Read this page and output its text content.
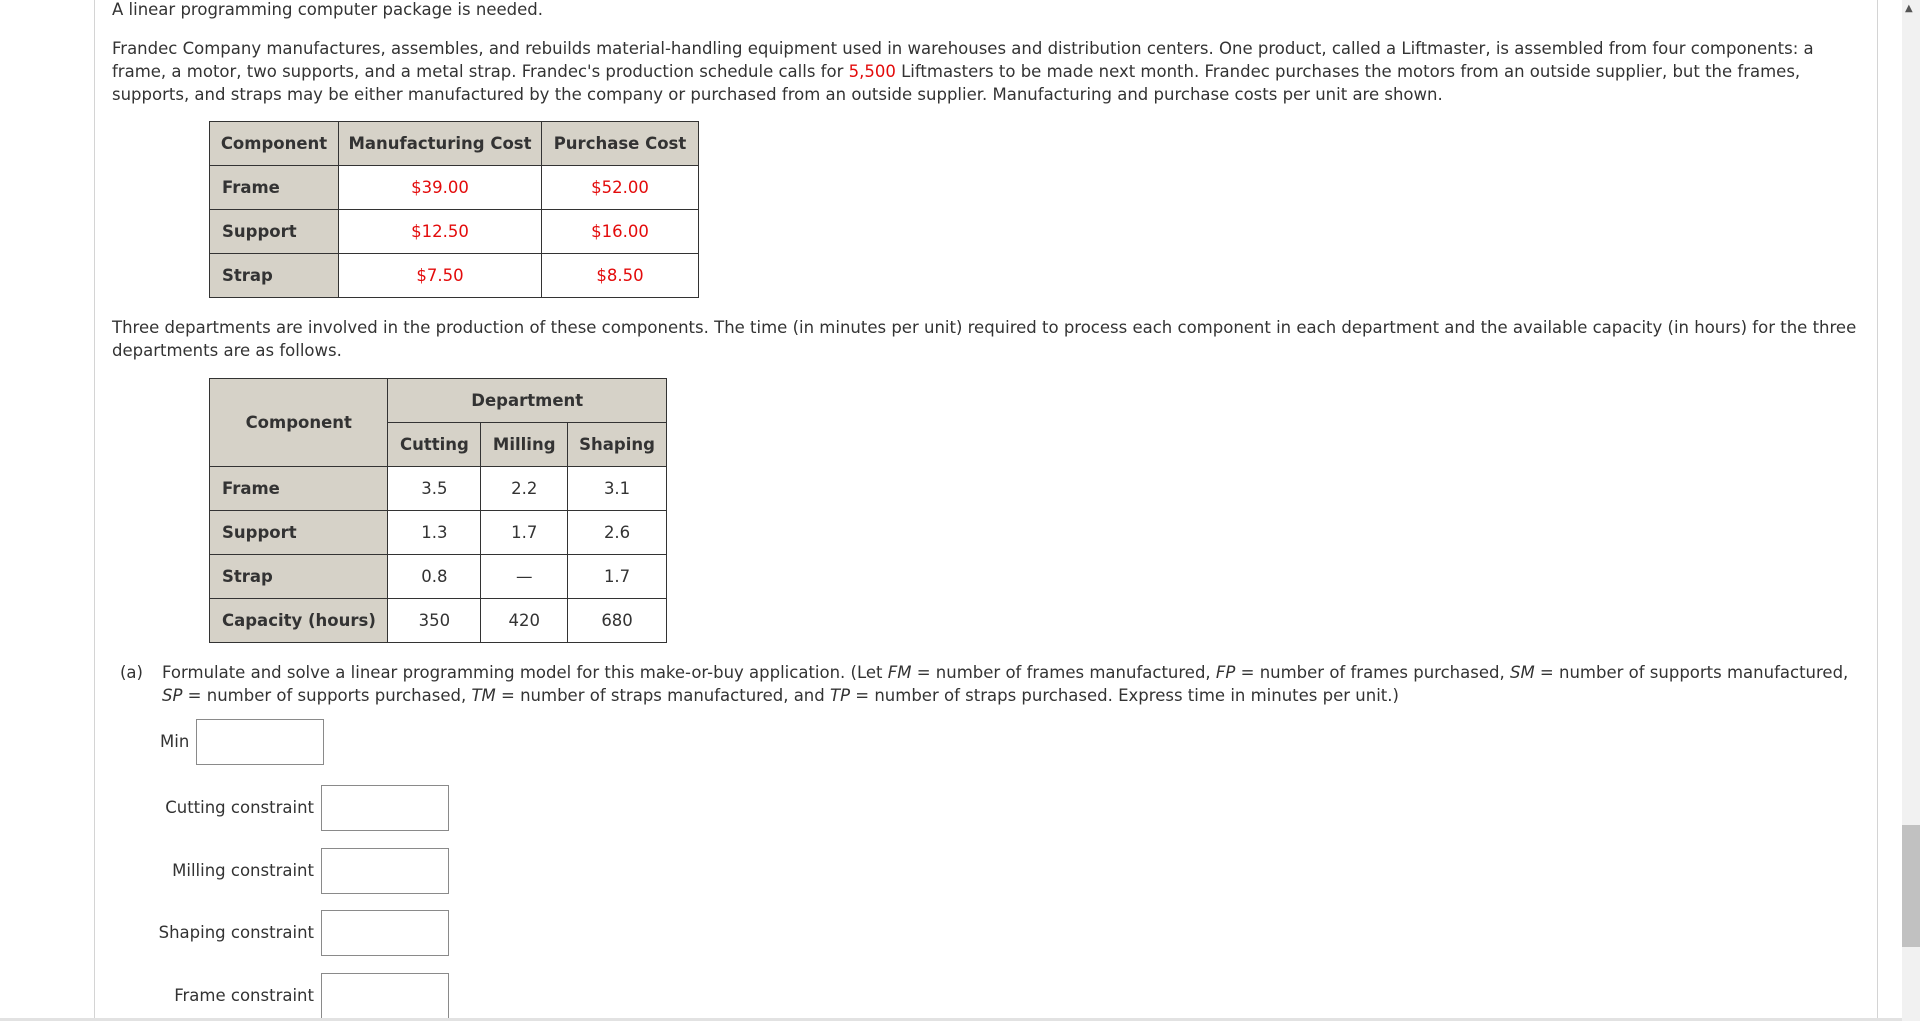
A linear programming computer package is needed.

Frandec Company manufactures, assembles, and rebuilds material-handling equipment used in warehouses and distribution centers. One product, called a Liftmaster, is assembled from four components: a frame, a motor, two supports, and a metal strap. Frandec's production schedule calls for 5,500 Liftmasters to be made next month. Frandec purchases the motors from an outside supplier, but the frames, supports, and straps may be either manufactured by the company or purchased from an outside supplier. Manufacturing and purchase costs per unit are shown.

Component	Manufacturing Cost	Purchase Cost
Frame	$39.00	$52.00
Support	$12.50	$16.00
Strap	$7.50	$8.50

Three departments are involved in the production of these components. The time (in minutes per unit) required to process each component in each department and the available capacity (in hours) for the three departments are as follows.

Component	Department		
	Cutting	Milling	Shaping
Frame	3.5	2.2	3.1
Support	1.3	1.7	2.6
Strap	0.8	—	1.7
Capacity (hours)	350	420	680
(a) Formulate and solve a linear programming model for this make-or-buy application. (Let FM = number of frames manufactured, FP = number of frames purchased, SM = number of supports manufactured, SP = number of supports purchased, TM = number of straps manufactured, and TP = number of straps purchased. Express time in minutes per unit.)
Min
Cutting constraint
Milling constraint
Shaping constraint
Frame constraint
▲
